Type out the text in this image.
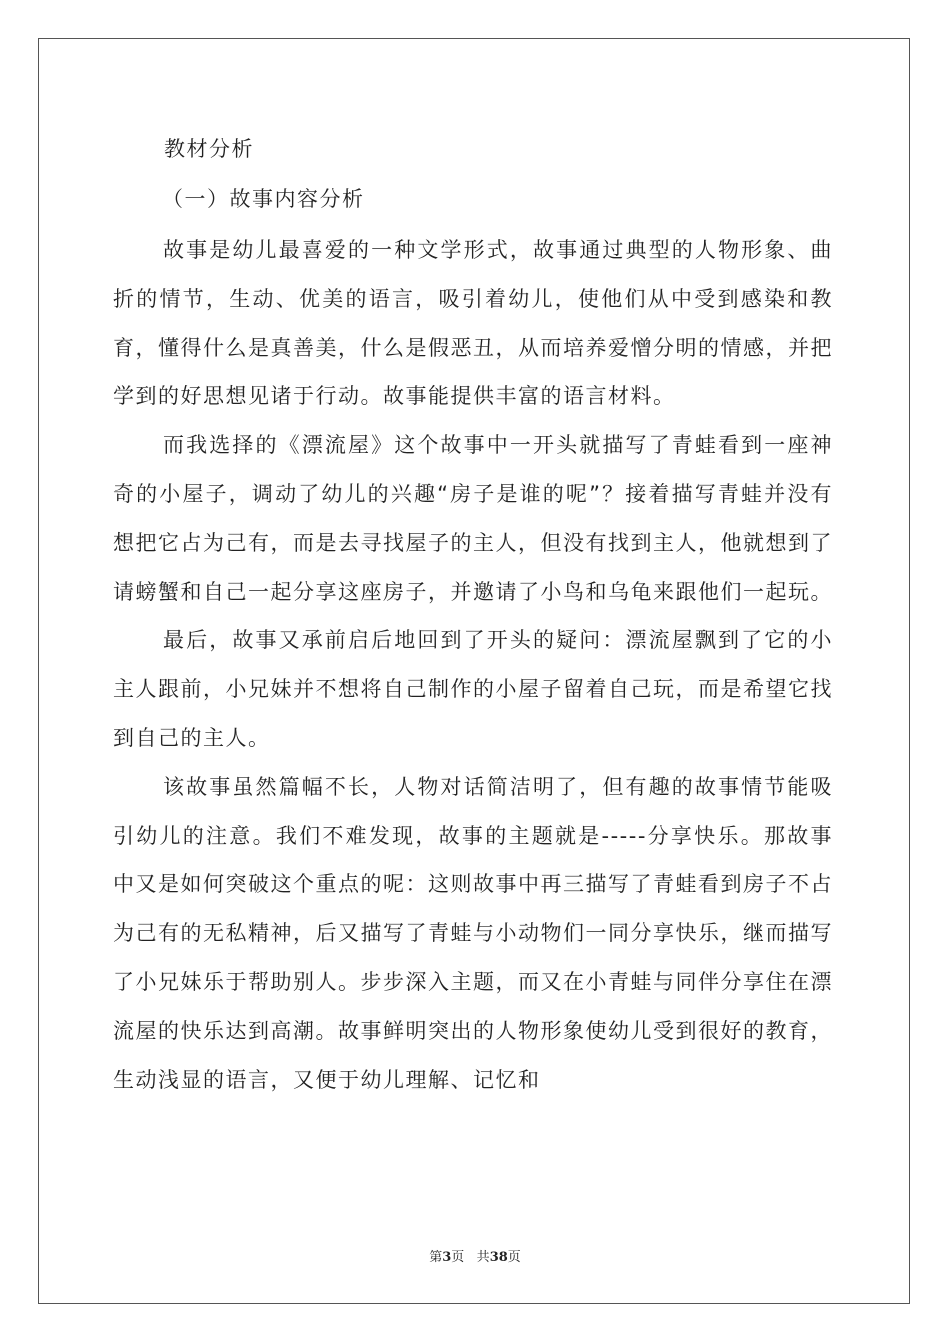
教材分析

（一）故事内容分析

故事是幼儿最喜爱的一种文学形式，故事通过典型的人物形象、曲折的情节，生动、优美的语言，吸引着幼儿，使他们从中受到感染和教育，懂得什么是真善美，什么是假恶丑，从而培养爱憎分明的情感，并把学到的好思想见诸于行动。故事能提供丰富的语言材料。

而我选择的《漂流屋》这个故事中一开头就描写了青蛙看到一座神奇的小屋子，调动了幼儿的兴趣“房子是谁的呢”？接着描写青蛙并没有想把它占为己有，而是去寻找屋子的主人，但没有找到主人，他就想到了请螃蟹和自己一起分享这座房子，并邀请了小鸟和乌龟来跟他们一起玩。

最后，故事又承前启后地回到了开头的疑问：漂流屋飘到了它的小主人跟前，小兄妹并不想将自己制作的小屋子留着自己玩，而是希望它找到自己的主人。

该故事虽然篇幅不长，人物对话简洁明了，但有趣的故事情节能吸引幼儿的注意。我们不难发现，故事的主题就是-----分享快乐。那故事中又是如何突破这个重点的呢：这则故事中再三描写了青蛙看到房子不占为己有的无私精神，后又描写了青蛙与小动物们一同分享快乐，继而描写了小兄妹乐于帮助别人。步步深入主题，而又在小青蛙与同伴分享住在漂流屋的快乐达到高潮。故事鲜明突出的人物形象使幼儿受到很好的教育，生动浅显的语言，又便于幼儿理解、记忆和

第3页 共38页
